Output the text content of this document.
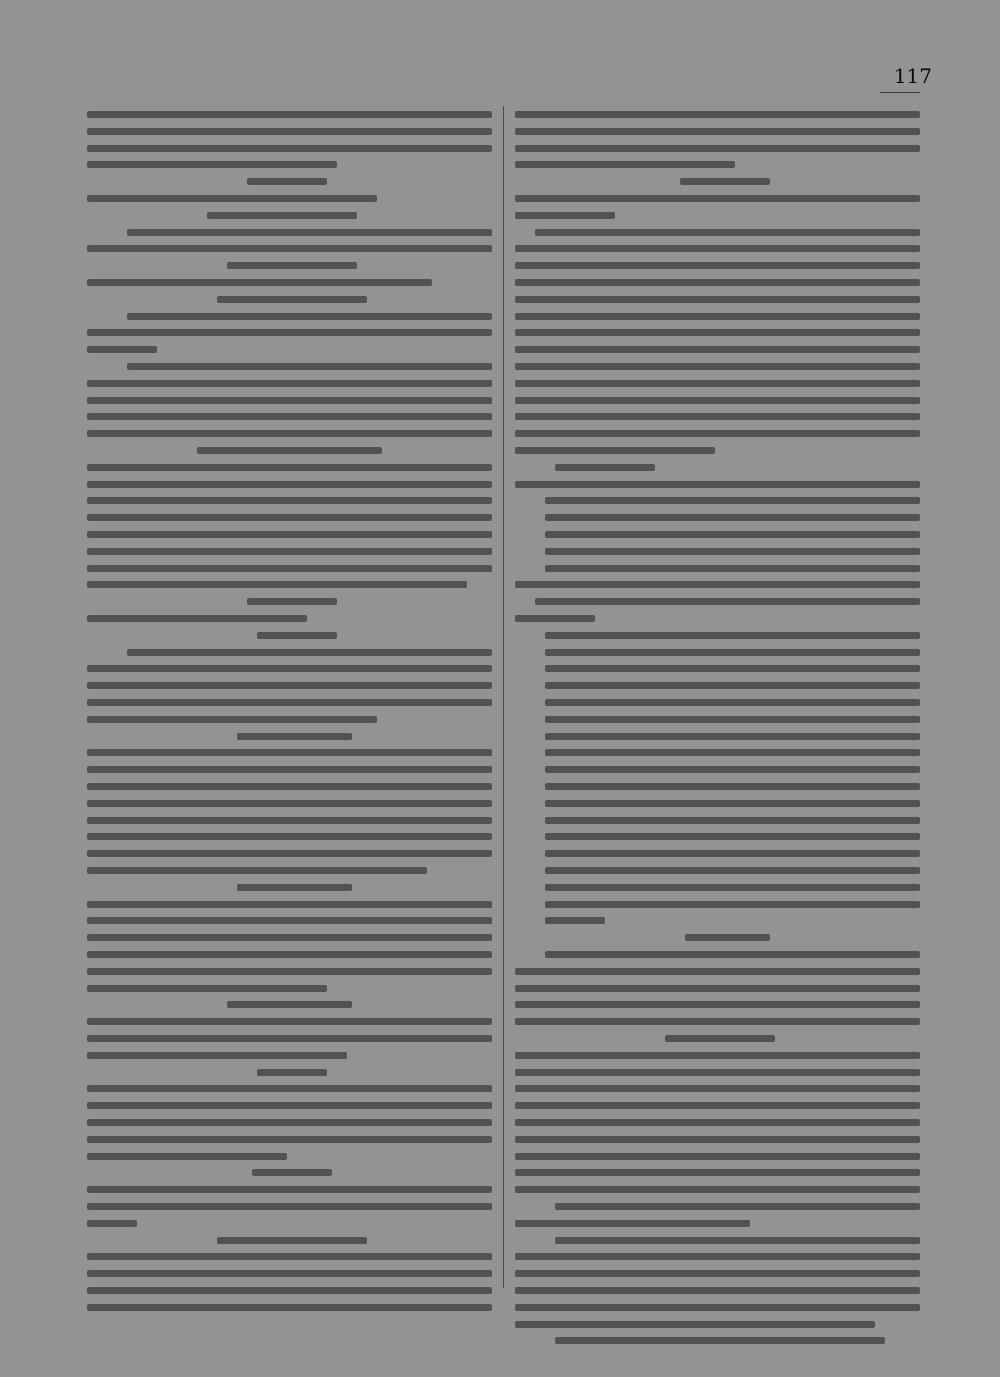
117
